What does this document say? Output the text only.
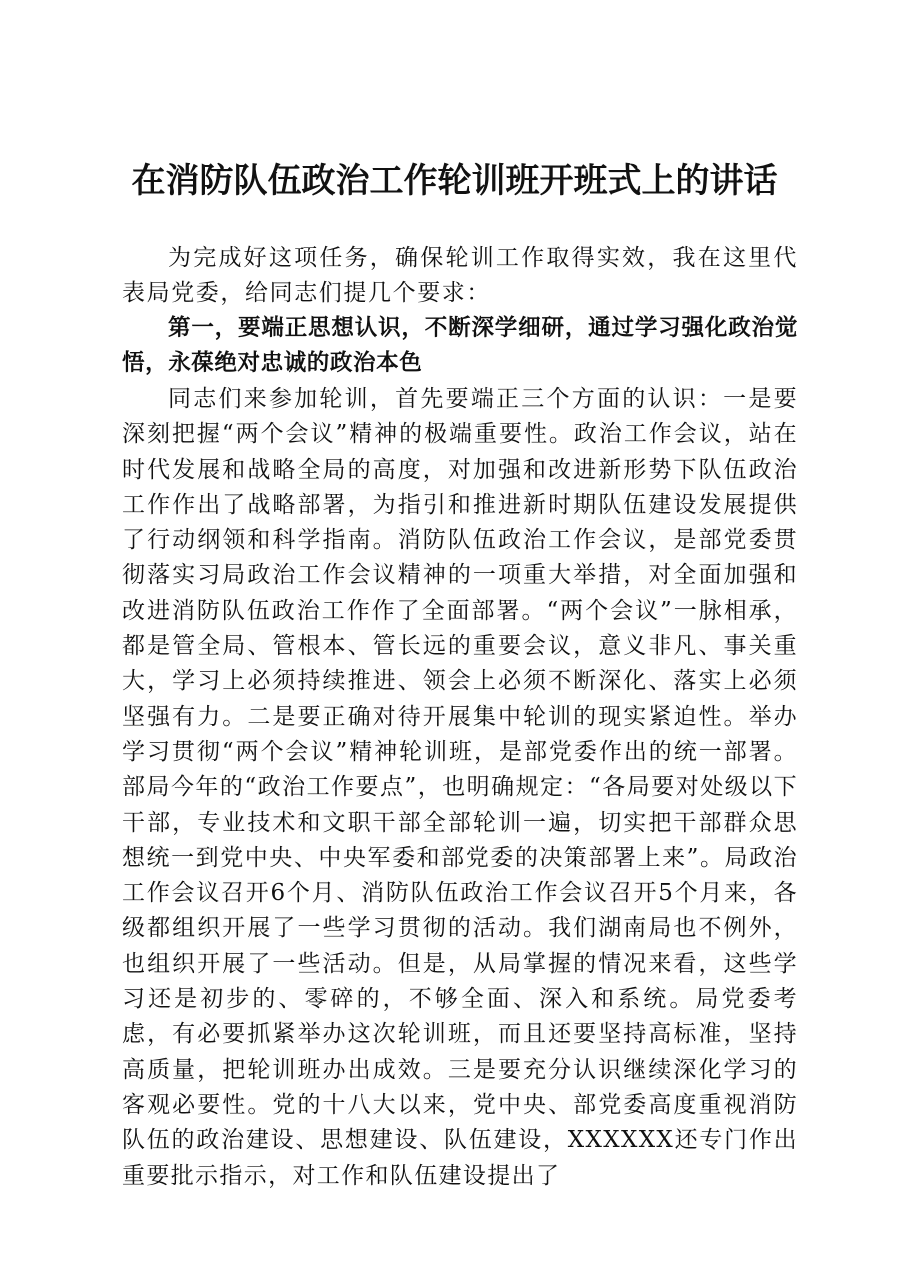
在消防队伍政治工作轮训班开班式上的讲话

为完成好这项任务，确保轮训工作取得实效，我在这里代表局党委，给同志们提几个要求：

第一，要端正思想认识，不断深学细研，通过学习强化政治觉悟，永葆绝对忠诚的政治本色

同志们来参加轮训，首先要端正三个方面的认识：一是要深刻把握“两个会议”精神的极端重要性。政治工作会议，站在时代发展和战略全局的高度，对加强和改进新形势下队伍政治工作作出了战略部署，为指引和推进新时期队伍建设发展提供了行动纲领和科学指南。消防队伍政治工作会议，是部党委贯彻落实习局政治工作会议精神的一项重大举措，对全面加强和改进消防队伍政治工作作了全面部署。“两个会议”一脉相承，都是管全局、管根本、管长远的重要会议，意义非凡、事关重大，学习上必须持续推进、领会上必须不断深化、落实上必须坚强有力。二是要正确对待开展集中轮训的现实紧迫性。举办学习贯彻“两个会议”精神轮训班，是部党委作出的统一部署。部局今年的“政治工作要点”，也明确规定：“各局要对处级以下干部，专业技术和文职干部全部轮训一遍，切实把干部群众思想统一到党中央、中央军委和部党委的决策部署上来”。局政治工作会议召开6个月、消防队伍政治工作会议召开5个月来，各级都组织开展了一些学习贯彻的活动。我们湖南局也不例外，也组织开展了一些活动。但是，从局掌握的情况来看，这些学习还是初步的、零碎的，不够全面、深入和系统。局党委考虑，有必要抓紧举办这次轮训班，而且还要坚持高标准，坚持高质量，把轮训班办出成效。三是要充分认识继续深化学习的客观必要性。党的十八大以来，党中央、部党委高度重视消防队伍的政治建设、思想建设、队伍建设，XXXXXX还专门作出重要批示指示，对工作和队伍建设提出了
